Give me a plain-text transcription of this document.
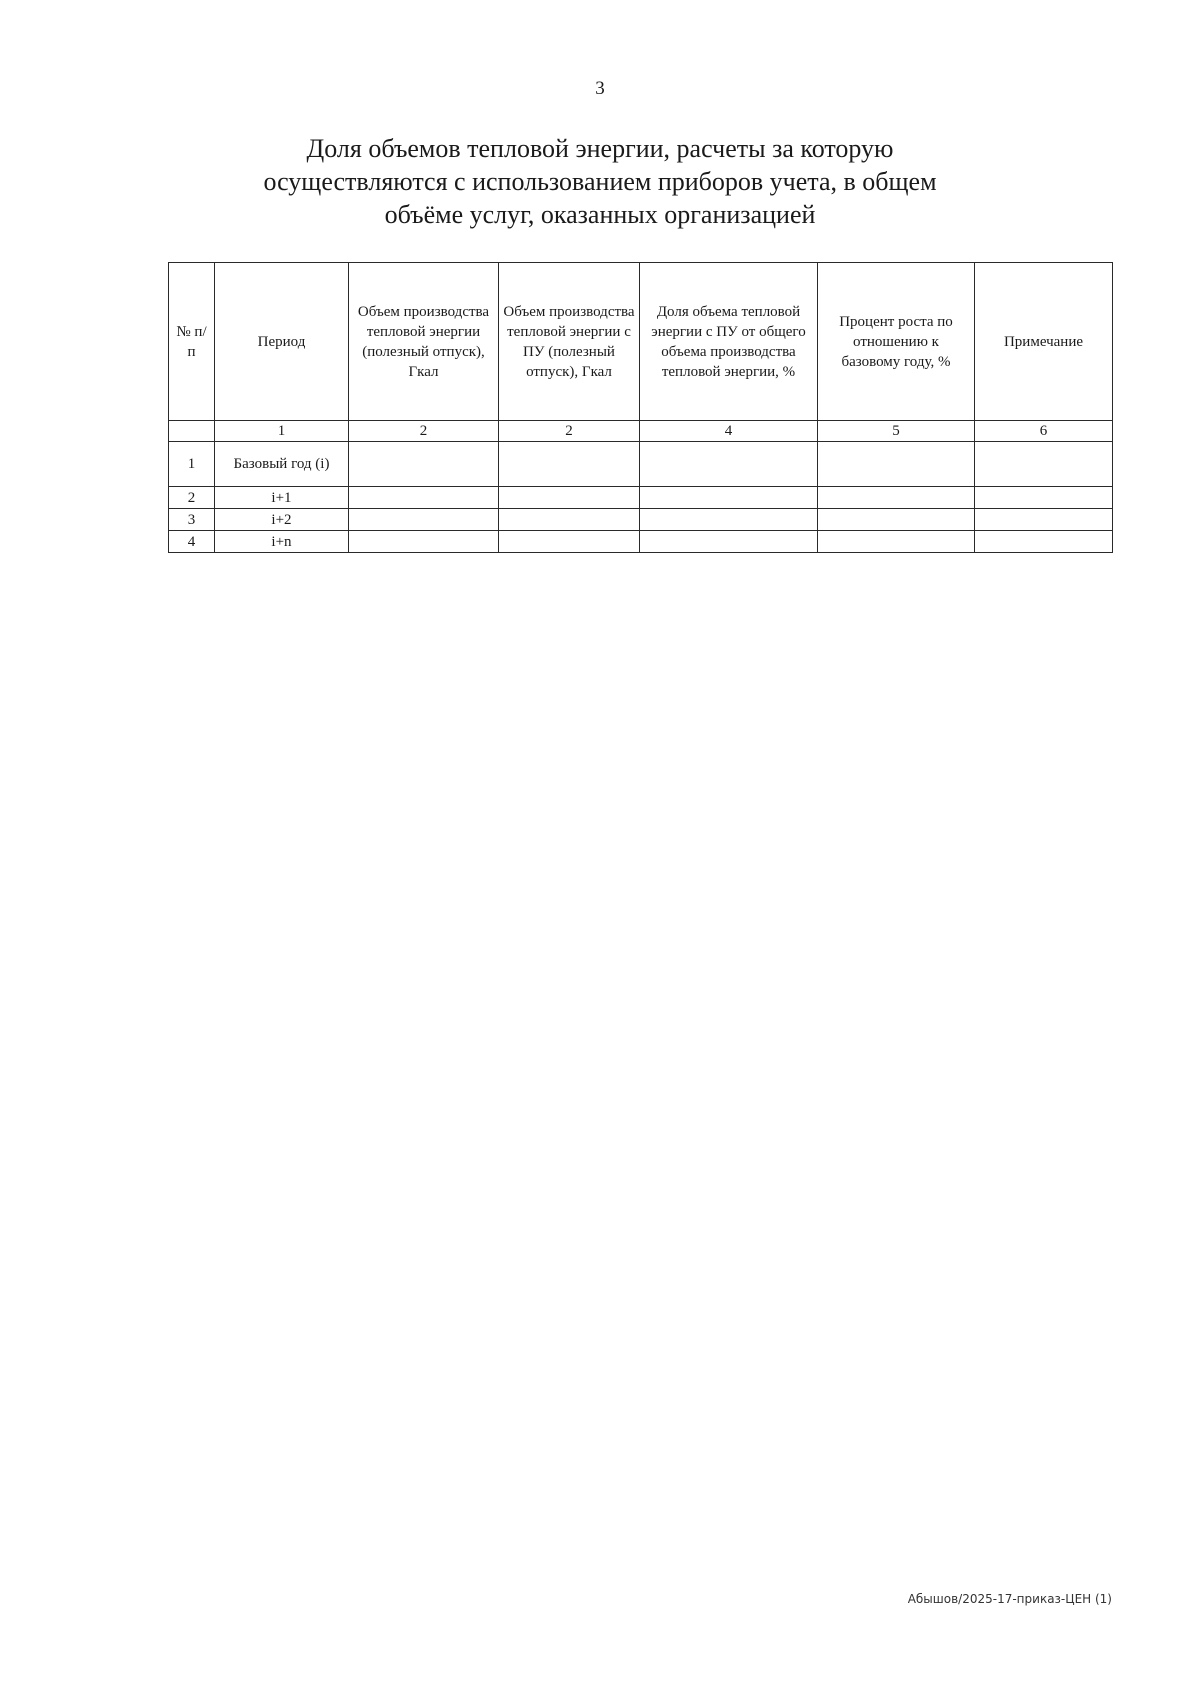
3
Доля объемов тепловой энергии, расчеты за которую
осуществляются с использованием приборов учета, в общем
объёме услуг, оказанных организацией
№ п/п	Период	Объем производства тепловой энергии (полезный отпуск), Гкал	Объем производства тепловой энергии с ПУ (полезный отпуск), Гкал	Доля объема тепловой энергии с ПУ от общего объема производства тепловой энергии, %	Процент роста по отношению к базовому году, %	Примечание
	1	2	2	4	5	6
1	Базовый год (i)					
2	i+1					
3	i+2					
4	i+n					
Абышов/2025-17-приказ-ЦЕН (1)
